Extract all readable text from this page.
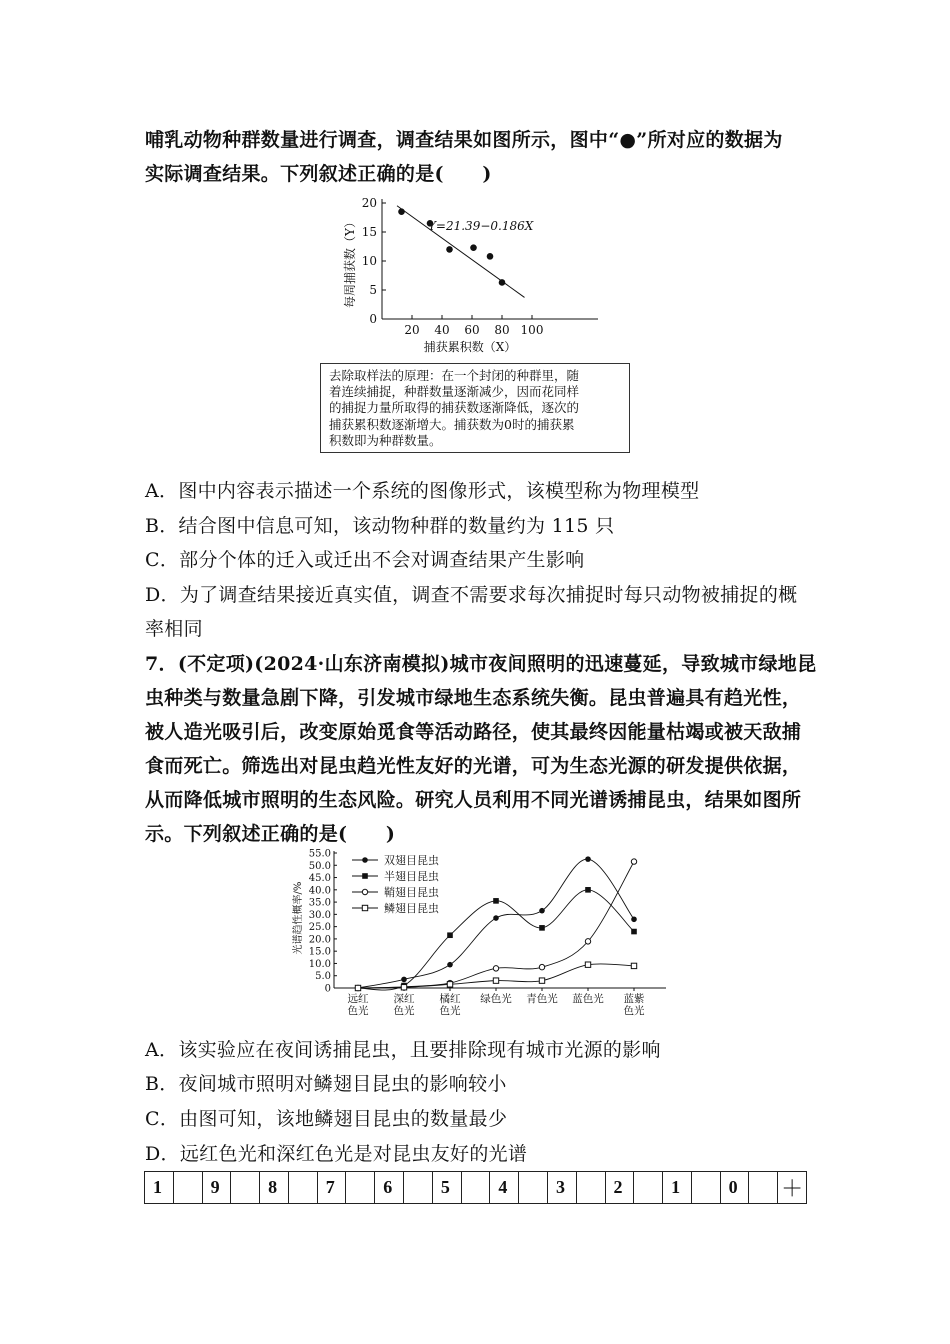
哺乳动物种群数量进行调查，调查结果如图所示，图中“●”所对应的数据为
实际调查结果。下列叙述正确的是(　　)
0
5
10
15
20
20 40 60 80 100
Y=21.39−0.186X
捕获累积数（X）
每周捕获数（Y）
去除取样法的原理：在一个封闭的种群里，随
着连续捕捉，种群数量逐渐减少，因而花同样
的捕捉力量所取得的捕获数逐渐降低，逐次的
捕获累积数逐渐增大。捕获数为0时的捕获累
积数即为种群数量。
A．图中内容表示描述一个系统的图像形式，该模型称为物理模型
B．结合图中信息可知，该动物种群的数量约为 115 只
C．部分个体的迁入或迁出不会对调查结果产生影响
D．为了调查结果接近真实值，调查不需要求每次捕捉时每只动物被捕捉的概
率相同
7．(不定项)(2024·山东济南模拟)城市夜间照明的迅速蔓延，导致城市绿地昆
虫种类与数量急剧下降，引发城市绿地生态系统失衡。昆虫普遍具有趋光性，
被人造光吸引后，改变原始觅食等活动路径，使其最终因能量枯竭或被天敌捕
食而死亡。筛选出对昆虫趋光性友好的光谱，可为生态光源的研发提供依据，
从而降低城市照明的生态风险。研究人员利用不同光谱诱捕昆虫，结果如图所
示。下列叙述正确的是(　　)
0
5.0
10.0
15.0
20.0
25.0
30.0
35.0
40.0
45.0
50.0
55.0
远红
色光
深红
色光
橘红
色光
绿色光 青色光 蓝色光 蓝紫
色光
双翅目昆虫
半翅目昆虫
鞘翅目昆虫
鳞翅目昆虫
光谱趋性概率/%
A．该实验应在夜间诱捕昆虫，且要排除现有城市光源的影响
B．夜间城市照明对鳞翅目昆虫的影响较小
C．由图可知，该地鳞翅目昆虫的数量最少
D．远红色光和深红色光是对昆虫友好的光谱
1		9		8		7		6		5		4		3		2		1		0		＋
